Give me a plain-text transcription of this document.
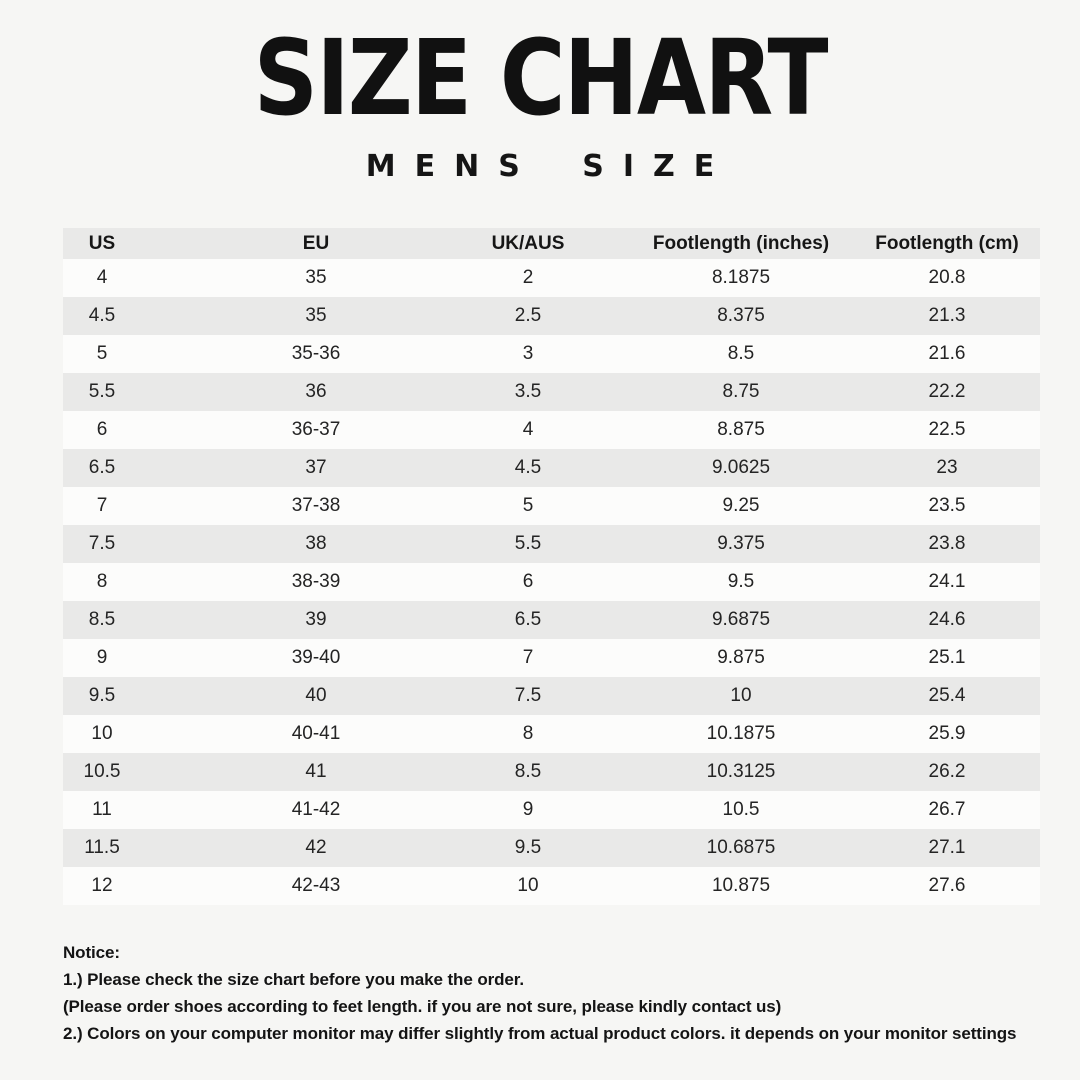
SIZE CHART
MENS SIZE
US	EU	UK/AUS	Footlength (inches) Footlength (cm)
4	35	2	8.1875	20.8
4.5	35	2.5	8.375	21.3
5	35-36	3	8.5	21.6
5.5	36	3.5	8.75	22.2
6	36-37	4	8.875	22.5
6.5	37	4.5	9.0625	23
7	37-38	5	9.25	23.5
7.5	38	5.5	9.375	23.8
8	38-39	6	9.5	24.1
8.5	39	6.5	9.6875	24.6
9	39-40	7	9.875	25.1
9.5	40	7.5	10	25.4
10	40-41	8	10.1875	25.9
10.5	41	8.5	10.3125	26.2
11	41-42	9	10.5	26.7
11.5	42	9.5	10.6875	27.1
12	42-43	10	10.875	27.6
Notice:
1.) Please check the size chart before you make the order.
(Please order shoes according to feet length. if you are not sure, please kindly contact us)
2.) Colors on your computer monitor may differ slightly from actual product colors. it depends on your monitor settings
